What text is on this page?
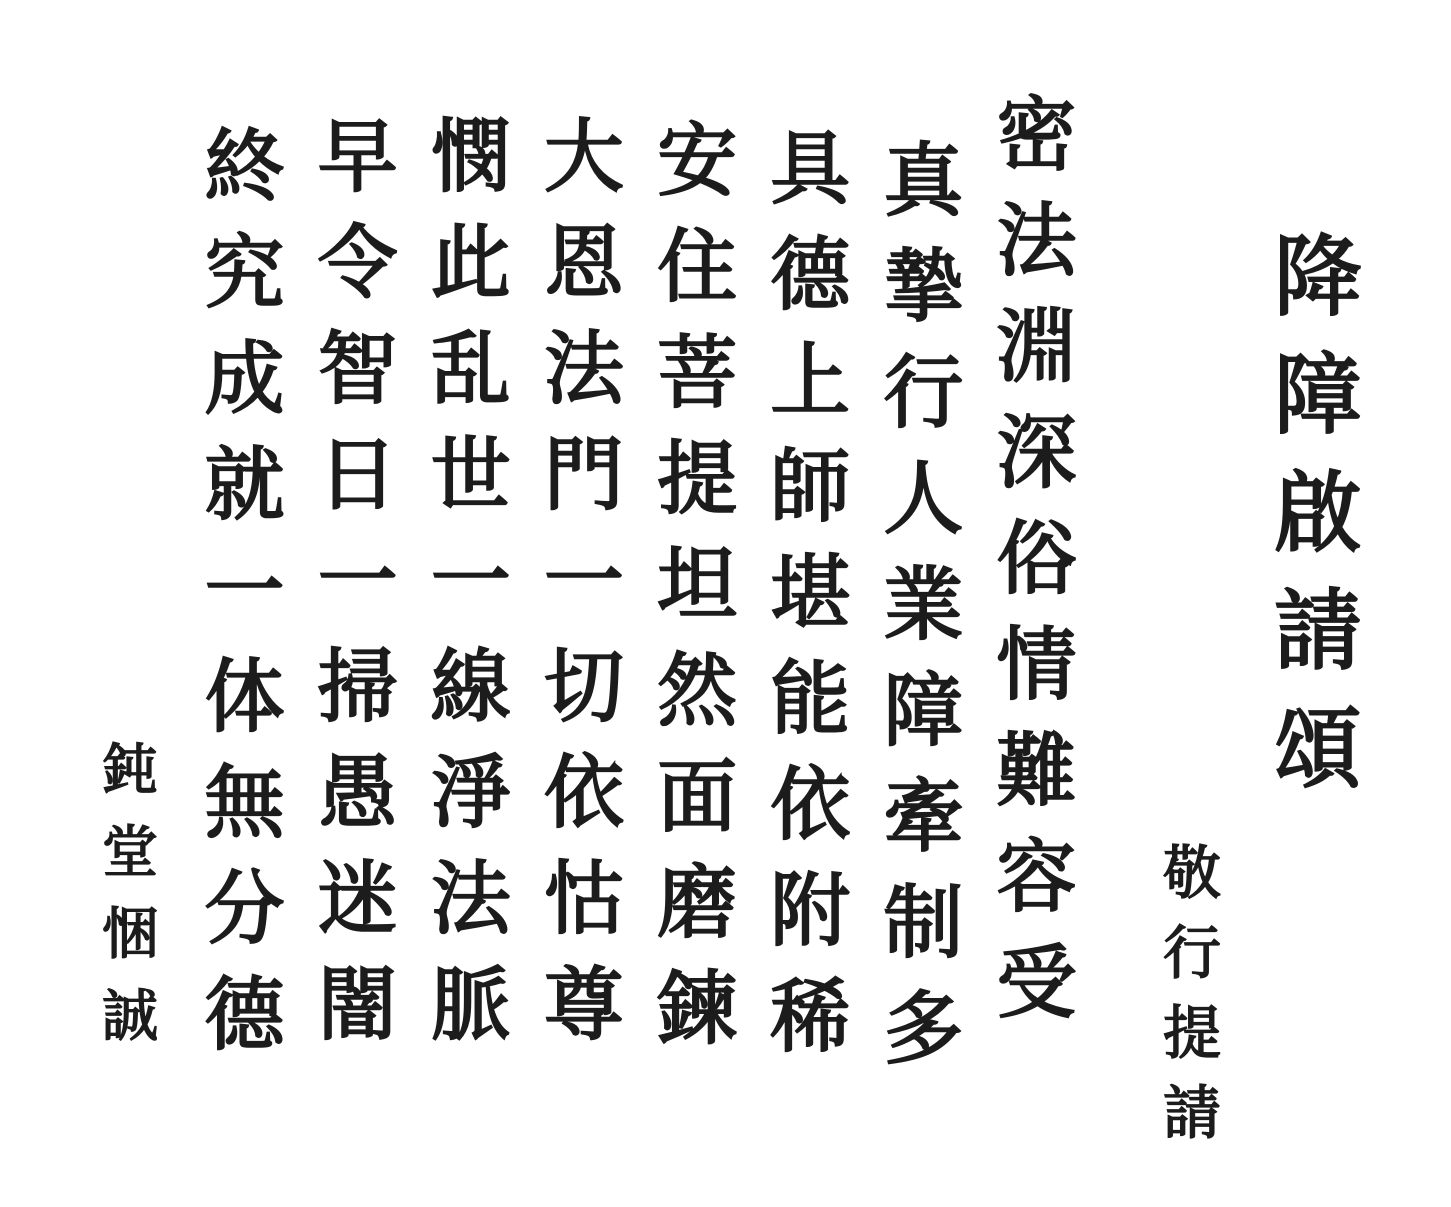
降障啟請頌
敬行提請
密法淵深俗情難容受
真摯行人業障牽制多
具德上師堪能依附稀
安住菩提坦然面磨鍊
大恩法門一切依怙尊
憫此乱世一線淨法脈
早令智日一掃愚迷闇
終究成就一体無分德
鈍堂悃誠
